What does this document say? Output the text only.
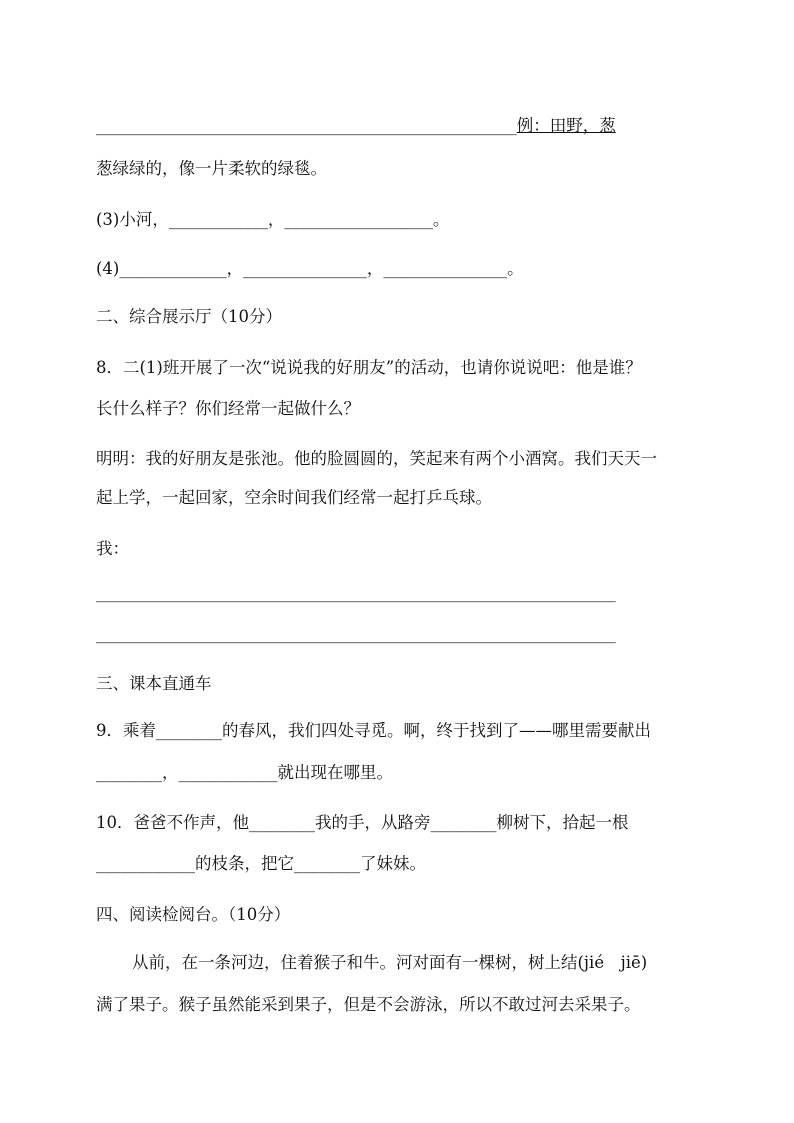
___________________________________________________例：田野，葱
葱绿绿的，像一片柔软的绿毯。
(3)小河，____________，__________________。
(4)_____________，_______________，_______________。
二、综合展示厅（10分）
8．二(1)班开展了一次“说说我的好朋友”的活动，也请你说说吧：他是谁？
长什么样子？你们经常一起做什么？
明明：我的好朋友是张池。他的脸圆圆的，笑起来有两个小酒窝。我们天天一
起上学，一起回家，空余时间我们经常一起打乒乓球。
我：
_______________________________________________________________
_______________________________________________________________
三、课本直通车
9．乘着________的春风，我们四处寻觅。啊，终于找到了——哪里需要献出
________，____________就出现在哪里。
10．爸爸不作声，他________我的手，从路旁________柳树下，拾起一根
____________的枝条，把它________了妹妹。
四、阅读检阅台。（10分）
从前，在一条河边，住着猴子和牛。河对面有一棵树，树上结(jié　jiē)
满了果子。猴子虽然能采到果子，但是不会游泳，所以不敢过河去采果子。
